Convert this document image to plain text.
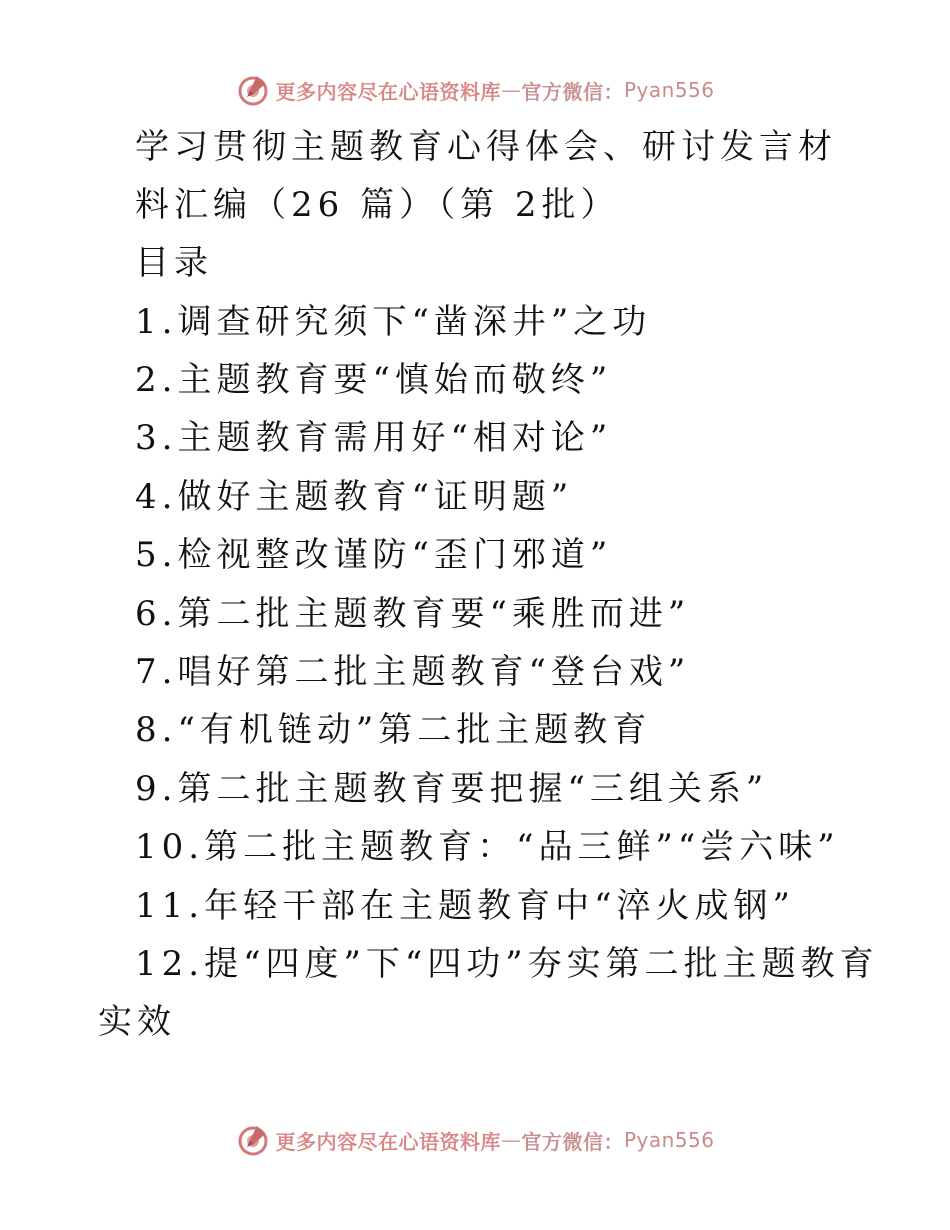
更多内容尽在心语资料库 — 官方微信： Pyan556
学习贯彻主题教育心得体会、研讨发言材
料汇编（26 篇）（第 2批）
目录
1.调查研究须下“凿深井”之功
2.主题教育要“慎始而敬终”
3.主题教育需用好“相对论”
4.做好主题教育“证明题”
5.检视整改谨防“歪门邪道”
6.第二批主题教育要“乘胜而进”
7.唱好第二批主题教育“登台戏”
8.“有机链动”第二批主题教育
9.第二批主题教育要把握“三组关系”
10.第二批主题教育：“品三鲜”“尝六味”
11.年轻干部在主题教育中“淬火成钢”
12.提“四度”下“四功”夯实第二批主题教育
实效
更多内容尽在心语资料库 — 官方微信： Pyan556
